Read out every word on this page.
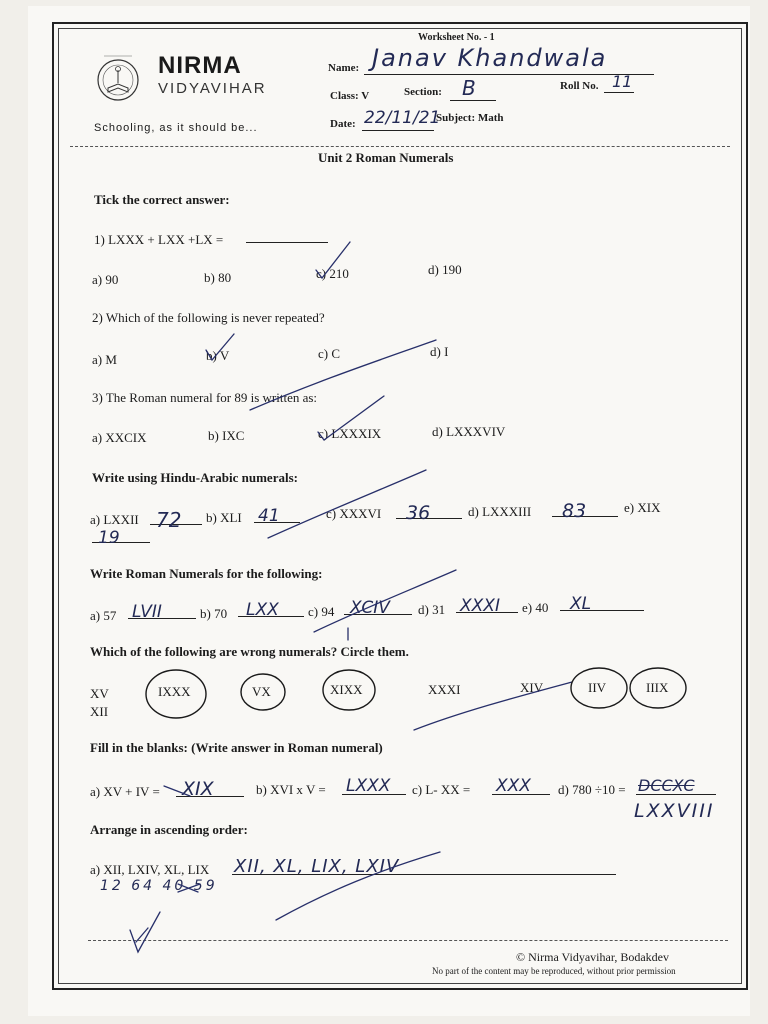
Worksheet No. - 1
NIRMA
VIDYAVIHAR
Schooling, as it should be...
Name: Janav Khandwala
Class: V	Section: B	Roll No. 11
Date: 22/11/21
Subject: Math
Unit 2 Roman Numerals
Tick the correct answer:
1) LXXX + LXX +LX =
a) 90	b) 80	c) 210	d) 190
2) Which of the following is never repeated?
a) M	b) V	c) C	d) I
3) The Roman numeral for 89 is written as:
a) XXCIX	b) IXC	c) LXXXIX	d) LXXXVIV
Write using Hindu-Arabic numerals:
a) LXXII 72	b) XLI 41	c) XXXVI	36	d) LXXXIII	83	e) XIX
19
Write Roman Numerals for the following:
a) 57 LVII	b) 70	LXX	c) 94 XCIV	d) 31 XXXI	e) 40	XL
Which of the following are wrong numerals? Circle them.
XV	IXXX	VX	XIXX	XXXI	XIV	IIV	IIIX
XII
Fill in the blanks: (Write answer in Roman numeral)
a) XV + IV =	XIX	b) XVI x V = LXXX	c) L- XX = XXX	d) 780 ÷10 = DCCXC
LXXVIII
Arrange in ascending order:
a) XII, LXIV, XL, LIX XII, XL, LIX, LXIV
12 64 40 59
© Nirma Vidyavihar, Bodakdev
No part of the content may be reproduced, without prior permission
